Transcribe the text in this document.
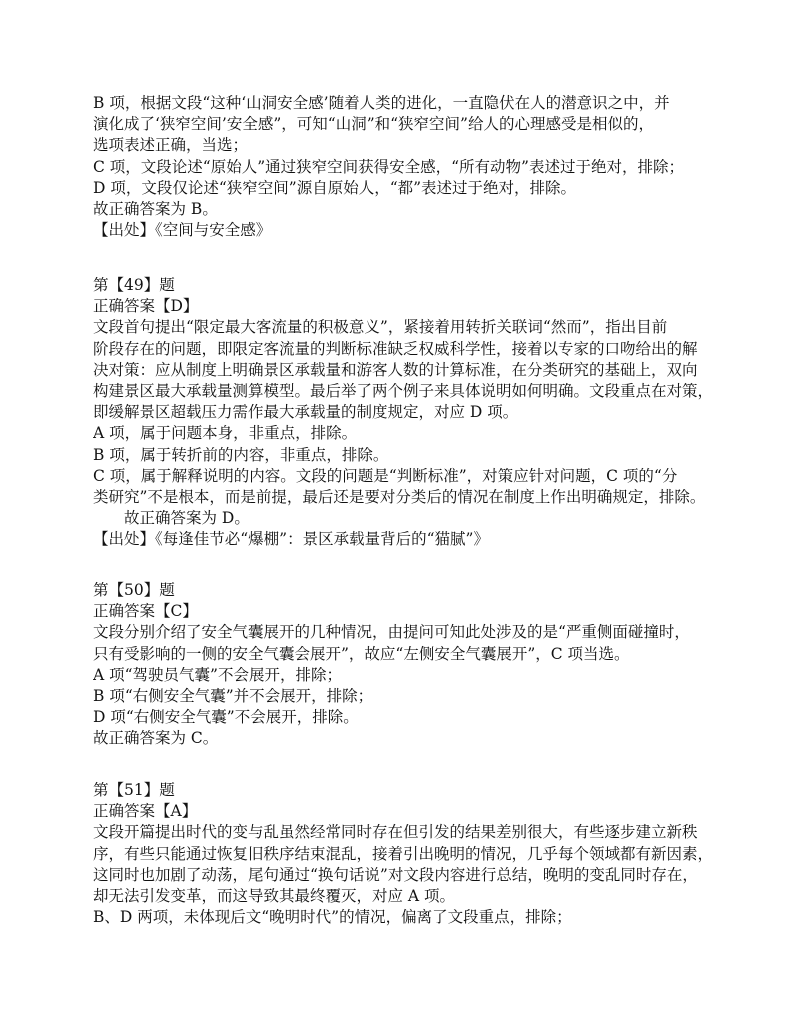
B 项，根据文段“这种‘山洞安全感’随着人类的进化，一直隐伏在人的潜意识之中，并
演化成了‘狭窄空间’安全感”，可知“山洞”和“狭窄空间”给人的心理感受是相似的，
选项表述正确，当选；
C 项，文段论述“原始人”通过狭窄空间获得安全感，“所有动物”表述过于绝对，排除；
D 项，文段仅论述“狭窄空间”源自原始人，“都”表述过于绝对，排除。
故正确答案为 B。
【出处】《空间与安全感》
第【49】题
正确答案【D】
文段首句提出“限定最大客流量的积极意义”，紧接着用转折关联词“然而”，指出目前
阶段存在的问题，即限定客流量的判断标准缺乏权威科学性，接着以专家的口吻给出的解
决对策：应从制度上明确景区承载量和游客人数的计算标准，在分类研究的基础上，双向
构建景区最大承载量测算模型。最后举了两个例子来具体说明如何明确。文段重点在对策，
即缓解景区超载压力需作最大承载量的制度规定，对应 D 项。
A 项，属于问题本身，非重点，排除。
B 项，属于转折前的内容，非重点，排除。
C 项，属于解释说明的内容。文段的问题是“判断标准”，对策应针对问题，C 项的“分
类研究”不是根本，而是前提，最后还是要对分类后的情况在制度上作出明确规定，排除。
故正确答案为 D。
【出处】《每逢佳节必“爆棚”：景区承载量背后的“猫腻”》
第【50】题
正确答案【C】
文段分别介绍了安全气囊展开的几种情况，由提问可知此处涉及的是“严重侧面碰撞时，
只有受影响的一侧的安全气囊会展开”，故应“左侧安全气囊展开”，C 项当选。
A 项“驾驶员气囊”不会展开，排除；
B 项“右侧安全气囊”并不会展开，排除；
D 项“右侧安全气囊”不会展开，排除。
故正确答案为 C。
第【51】题
正确答案【A】
文段开篇提出时代的变与乱虽然经常同时存在但引发的结果差别很大，有些逐步建立新秩
序，有些只能通过恢复旧秩序结束混乱，接着引出晚明的情况，几乎每个领域都有新因素，
这同时也加剧了动荡，尾句通过“换句话说”对文段内容进行总结，晚明的变乱同时存在，
却无法引发变革，而这导致其最终覆灭，对应 A 项。
B、D 两项，未体现后文“晚明时代”的情况，偏离了文段重点，排除；
